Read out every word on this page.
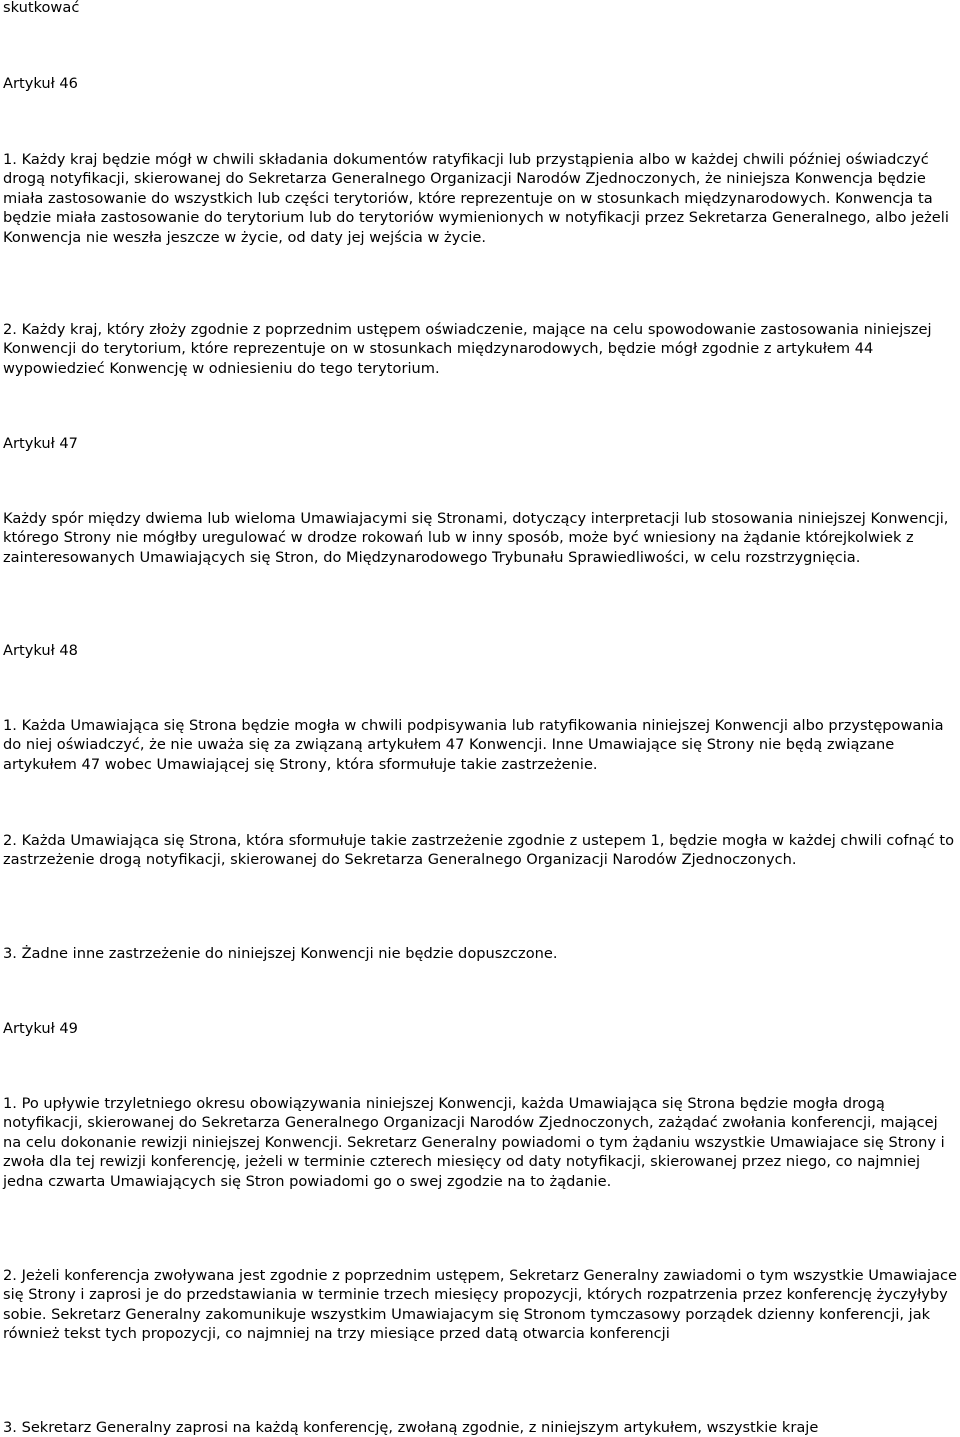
skutkować

Artykuł 46

1. Każdy kraj będzie mógł w chwili składania dokumentów ratyfikacji lub przystąpienia albo w każdej chwili później oświadczyć drogą notyfikacji, skierowanej do Sekretarza Generalnego Organizacji Narodów Zjednoczonych, że niniejsza Konwencja będzie miała zastosowanie do wszystkich lub części terytoriów, które reprezentuje on w stosunkach międzynarodowych. Konwencja ta będzie miała zastosowanie do terytorium lub do terytoriów wymienionych w notyfikacji przez Sekretarza Generalnego, albo jeżeli Konwencja nie weszła jeszcze w życie, od daty jej wejścia w życie.

2. Każdy kraj, który złoży zgodnie z poprzednim ustępem oświadczenie, mające na celu spowodowanie zastosowania niniejszej Konwencji do terytorium, które reprezentuje on w stosunkach międzynarodowych, będzie mógł zgodnie z artykułem 44 wypowiedzieć Konwencję w odniesieniu do tego terytorium.

Artykuł 47

Każdy spór między dwiema lub wieloma Umawiajacymi się Stronami, dotyczący interpretacji lub stosowania niniejszej Konwencji, którego Strony nie mógłby uregulować w drodze rokowań lub w inny sposób, może być wniesiony na żądanie którejkolwiek z zainteresowanych Umawiających się Stron, do Międzynarodowego Trybunału Sprawiedliwości, w celu rozstrzygnięcia.

Artykuł 48

1. Każda Umawiająca się Strona będzie mogła w chwili podpisywania lub ratyfikowania niniejszej Konwencji albo przystępowania do niej oświadczyć, że nie uważa się za związaną artykułem 47 Konwencji. Inne Umawiające się Strony nie będą związane artykułem 47 wobec Umawiającej się Strony, która sformułuje takie zastrzeżenie.

2. Każda Umawiająca się Strona, która sformułuje takie zastrzeżenie zgodnie z ustepem 1, będzie mogła w każdej chwili cofnąć to zastrzeżenie drogą notyfikacji, skierowanej do Sekretarza Generalnego Organizacji Narodów Zjednoczonych.

3. Żadne inne zastrzeżenie do niniejszej Konwencji nie będzie dopuszczone.

Artykuł 49

1. Po upływie trzyletniego okresu obowiązywania niniejszej Konwencji, każda Umawiająca się Strona będzie mogła drogą notyfikacji, skierowanej do Sekretarza Generalnego Organizacji Narodów Zjednoczonych, zażądać zwołania konferencji, mającej na celu dokonanie rewizji niniejszej Konwencji. Sekretarz Generalny powiadomi o tym żądaniu wszystkie Umawiajace się Strony i zwoła dla tej rewizji konferencję, jeżeli w terminie czterech miesięcy od daty notyfikacji, skierowanej przez niego, co najmniej jedna czwarta Umawiających się Stron powiadomi go o swej zgodzie na to żądanie.

2. Jeżeli konferencja zwoływana jest zgodnie z poprzednim ustępem, Sekretarz Generalny zawiadomi o tym wszystkie Umawiajace się Strony i zaprosi je do przedstawiania w terminie trzech miesięcy propozycji, których rozpatrzenia przez konferencję życzyłyby sobie. Sekretarz Generalny zakomunikuje wszystkim Umawiajacym się Stronom tymczasowy porządek dzienny konferencji, jak również tekst tych propozycji, co najmniej na trzy miesiące przed datą otwarcia konferencji

3. Sekretarz Generalny zaprosi na każdą konferencję, zwołaną zgodnie, z niniejszym artykułem, wszystkie kraje
